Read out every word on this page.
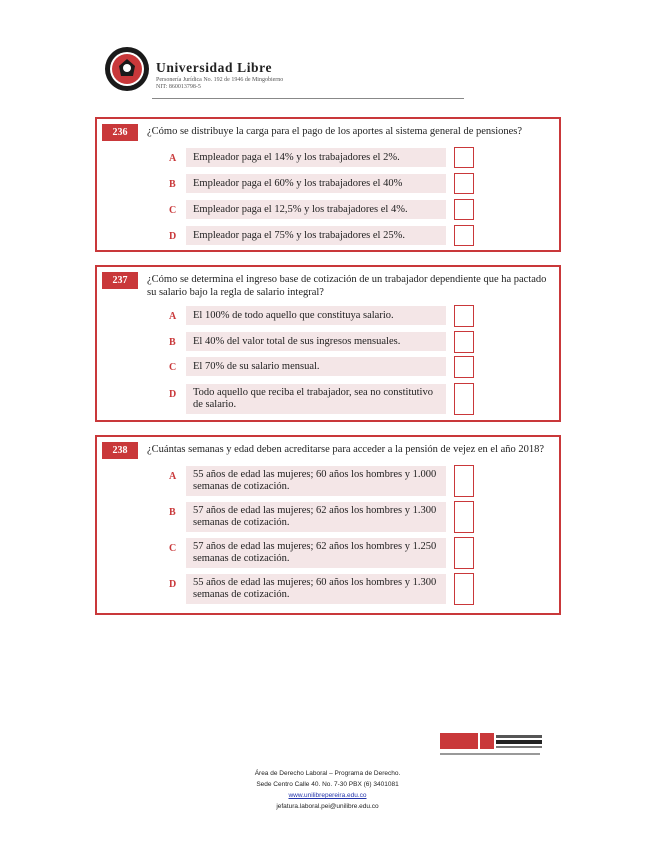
Universidad Libre
Personería Jurídica No. 192 de 1946 de Mingobierno
NIT: 860013798-5
236	¿Cómo se distribuye la carga para el pago de los aportes al sistema general de pensiones?
A Empleador paga el 14% y los trabajadores el 2%.
B Empleador paga el 60% y los trabajadores el 40%
C Empleador paga el 12,5% y los trabajadores el 4%.
D Empleador paga el 75% y los trabajadores el 25%.
237	¿Cómo se determina el ingreso base de cotización de un trabajador dependiente que ha pactado su salario bajo la regla de salario integral?
A El 100% de todo aquello que constituya salario.
B El 40% del valor total de sus ingresos mensuales.
C El 70% de su salario mensual.
D Todo aquello que reciba el trabajador, sea no constitutivo de salario.
238	¿Cuántas semanas y edad deben acreditarse para acceder a la pensión de vejez en el año 2018?
A 55 años de edad las mujeres; 60 años los hombres y 1.000 semanas de cotización.
B 57 años de edad las mujeres; 62 años los hombres y 1.300 semanas de cotización.
C 57 años de edad las mujeres; 62 años los hombres y 1.250 semanas de cotización.
D 55 años de edad las mujeres; 60 años los hombres y 1.300 semanas de cotización.
Área de Derecho Laboral – Programa de Derecho.
Sede Centro Calle 40. No. 7-30 PBX (6) 3401081
www.unilibrepereira.edu.co
jefatura.laboral.pei@unilibre.edu.co
